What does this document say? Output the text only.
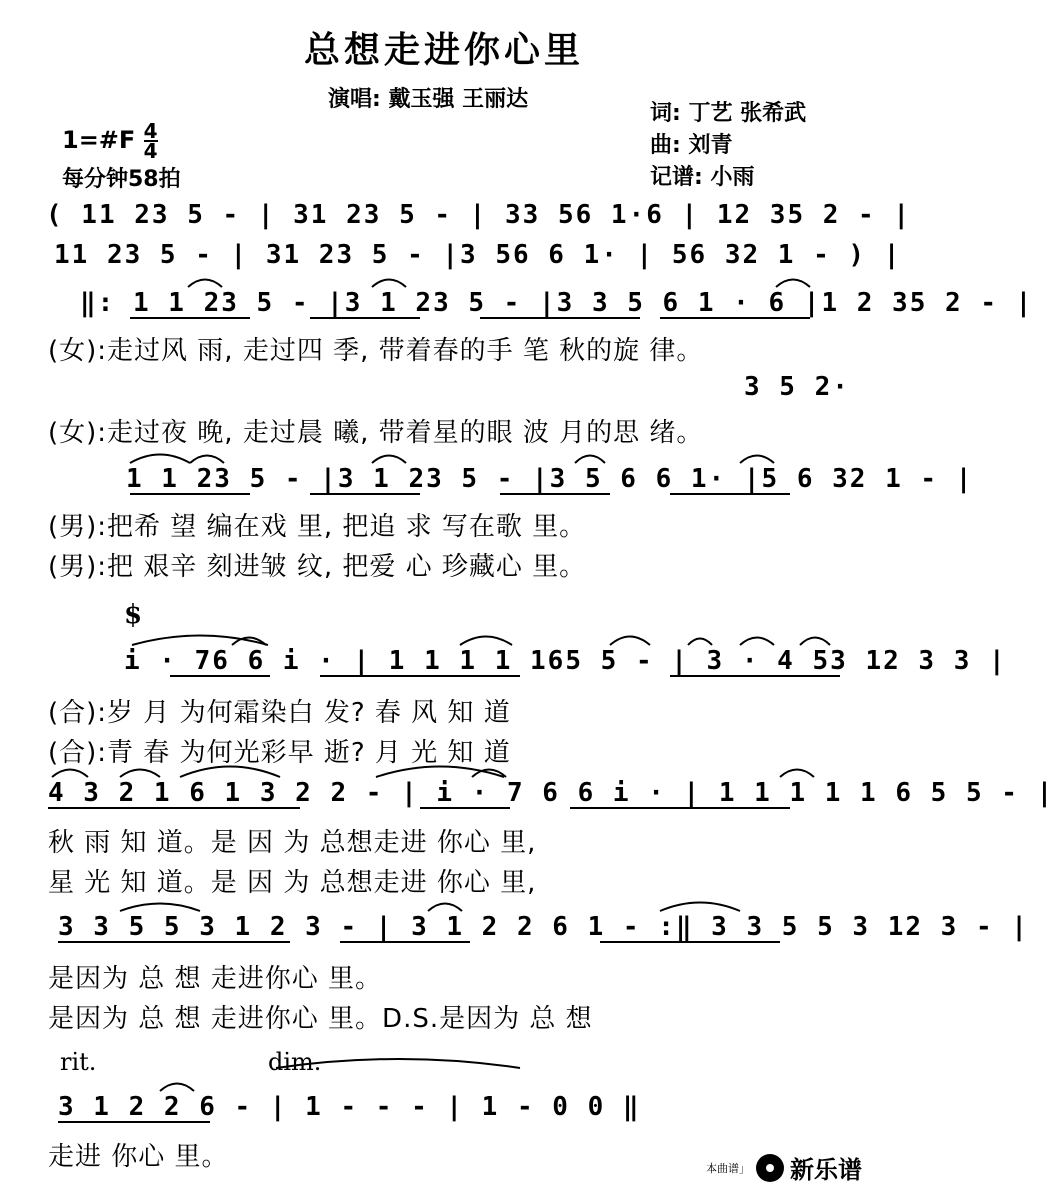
总想走进你心里
演唱: 戴玉强 王丽达
词: 丁艺 张希武
曲: 刘青
记谱: 小雨
1=#F $\frac{4}{4}$
每分钟58拍
( 11 23 5 - | 31 23 5 - | 33 56 1·6 | 12 35 2 - |
11 23 5 - | 31 23 5 - |3 56 6 1· | 56 32 1 - ) |
‖: 1 1 23 5 - |3 1 23 5 - |3 3 5 6 1 · 6 |1 2 35 2 - |
(女):走过风 雨, 走过四 季, 带着春的手 笔 秋的旋 律。
3 5 2·
(女):走过夜 晚, 走过晨 曦, 带着星的眼 波 月的思 绪。
1 1 23 5 - |3 1 23 5 - |3 5 6 6 1· |5 6 32 1 - |
(男):把希 望 编在戏 里, 把追 求 写在歌 里。
(男):把 艰辛 刻进皱 纹, 把爱 心 珍藏心 里。
$
i · 76 6 i · | 1 1 1 1 165 5 - | 3 · 4 53 12 3 3 |
(合):岁 月 为何霜染白 发? 春 风 知 道
(合):青 春 为何光彩早 逝? 月 光 知 道
4 3 2 1 6 1 3 2 2 - | i · 7 6 6 i · | 1 1 1 1 1 6 5 5 - |
秋 雨 知 道。是 因 为 总想走进 你心 里,
星 光 知 道。是 因 为 总想走进 你心 里,
3 3 5 5 3 1 2 3 - | 3 1 2 2 6 1 - :‖ 3 3 5 5 3 12 3 - |
是因为 总 想 走进你心 里。
是因为 总 想 走进你心 里。D.S.是因为 总 想
rit.	dim.
3 1 2 2 6 - | 1 - - - | 1 - 0 0 ‖
走进 你心 里。	本曲谱」 新乐谱
